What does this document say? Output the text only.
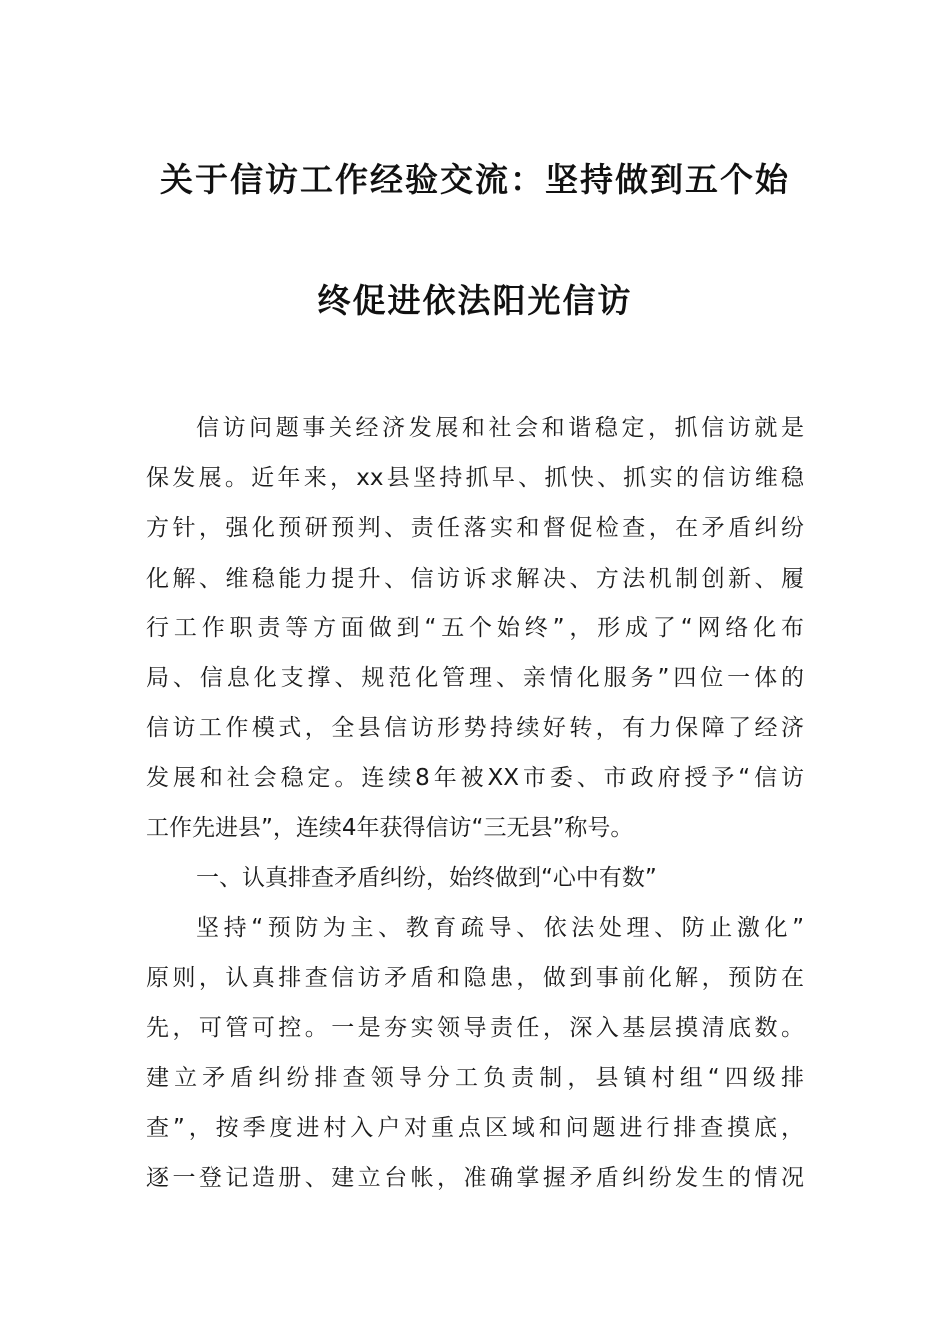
关于信访工作经验交流：坚持做到五个始
终促进依法阳光信访
信访问题事关经济发展和社会和谐稳定，抓信访就是
保发展。近年来，xx县坚持抓早、抓快、抓实的信访维稳
方针，强化预研预判、责任落实和督促检查，在矛盾纠纷
化解、维稳能力提升、信访诉求解决、方法机制创新、履
行工作职责等方面做到“五个始终”，形成了“网络化布
局、信息化支撑、规范化管理、亲情化服务”四位一体的
信访工作模式，全县信访形势持续好转，有力保障了经济
发展和社会稳定。连续8年被XX市委、市政府授予“信访
工作先进县”，连续4年获得信访“三无县”称号。
一、认真排查矛盾纠纷，始终做到“心中有数”
坚持“预防为主、教育疏导、依法处理、防止激化”
原则，认真排查信访矛盾和隐患，做到事前化解，预防在
先，可管可控。一是夯实领导责任，深入基层摸清底数。
建立矛盾纠纷排查领导分工负责制，县镇村组“四级排
查”，按季度进村入户对重点区域和问题进行排查摸底，
逐一登记造册、建立台帐，准确掌握矛盾纠纷发生的情况
